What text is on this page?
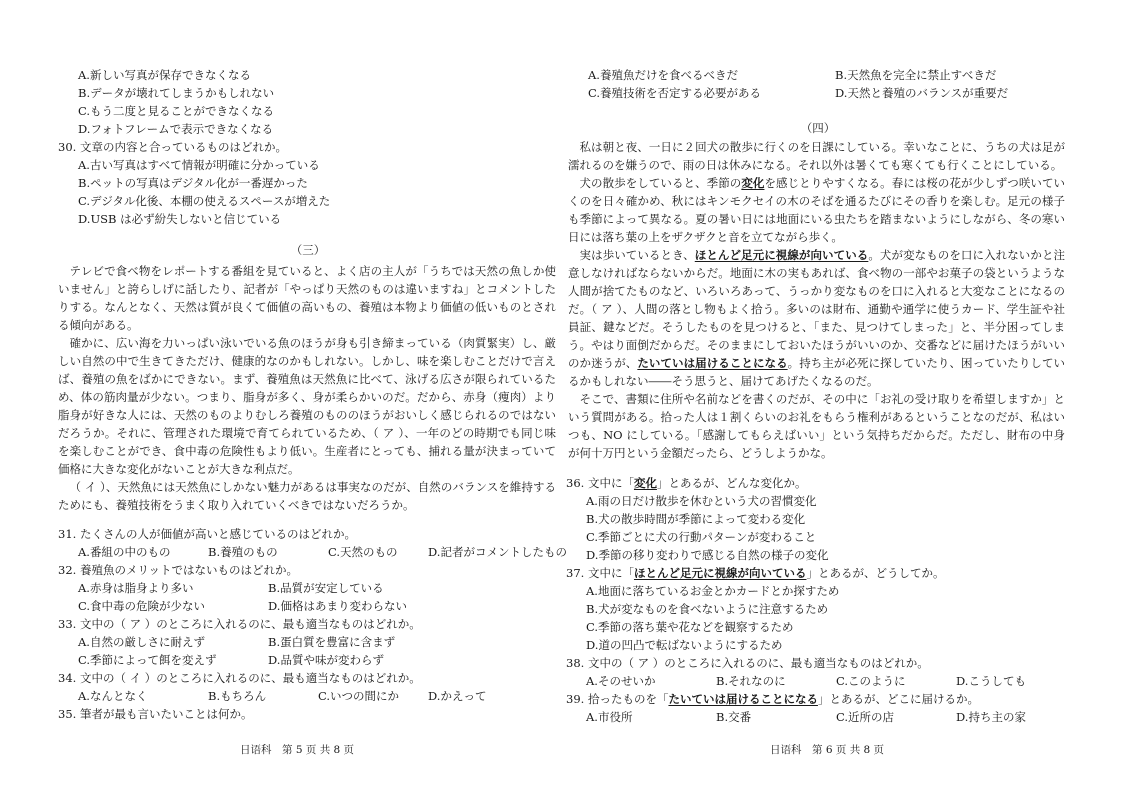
A.新しい写真が保存できなくなる
B.データが壊れてしまうかもしれない
C.もう二度と見ることができなくなる
D.フォトフレームで表示できなくなる
30. 文章の内容と合っているものはどれか。
A.古い写真はすべて情報が明確に分かっている
B.ペットの写真はデジタル化が一番遅かった
C.デジタル化後、本棚の使えるスペースが増えた
D.USB は必ず紛失しないと信じている
（三）
テレビで食べ物をレポートする番組を見ていると、よく店の主人が「うちでは天然の魚しか使いません」と誇らしげに話したり、記者が「やっぱり天然のものは違いますね」とコメントしたりする。なんとなく、天然は質が良くて価値の高いもの、養殖は本物より価値の低いものとされる傾向がある。
確かに、広い海を力いっぱい泳いでいる魚のほうが身も引き締まっている（肉質緊実）し、厳しい自然の中で生きてきただけ、健康的なのかもしれない。しかし、味を楽しむことだけで言えば、養殖の魚をばかにできない。まず、養殖魚は天然魚に比べて、泳げる広さが限られているため、体の筋肉量が少ない。つまり、脂身が多く、身が柔らかいのだ。だから、赤身（痩肉）より脂身が好きな人には、天然のものよりむしろ養殖のもののほうがおいしく感じられるのではないだろうか。それに、管理された環境で育てられているため、（ ア ）、一年のどの時期でも同じ味を楽しむことができ、食中毒の危険性もより低い。生産者にとっても、捕れる量が決まっていて価格に大きな変化がないことが大きな利点だ。
（ イ ）、天然魚には天然魚にしかない魅力があるは事実なのだが、自然のバランスを維持するためにも、養殖技術をうまく取り入れていくべきではないだろうか。
31. たくさんの人が価値が高いと感じているのはどれか。
A.番組の中のもの	B.養殖のもの	C.天然のもの	D.記者がコメントしたもの
32. 養殖魚のメリットではないものはどれか。
A.赤身は脂身より多い	B.品質が安定している
C.食中毒の危険が少ない	D.価格はあまり変わらない
33. 文中の（ ア ）のところに入れるのに、最も適当なものはどれか。
A.自然の厳しさに耐えず	B.蛋白質を豊富に含まず
C.季節によって餌を変えず	D.品質や味が変わらず
34. 文中の（ イ ）のところに入れるのに、最も適当なものはどれか。
A.なんとなく	B.もちろん	C.いつの間にか	D.かえって
35. 筆者が最も言いたいことは何か。
日语科　第 5 页 共 8 页
A.養殖魚だけを食べるべきだ	B.天然魚を完全に禁止すべきだ
C.養殖技術を否定する必要がある	D.天然と養殖のバランスが重要だ
（四）
私は朝と夜、一日に２回犬の散歩に行くのを日課にしている。幸いなことに、うちの犬は足が濡れるのを嫌うので、雨の日は休みになる。それ以外は暑くても寒くても行くことにしている。
犬の散歩をしていると、季節の変化を感じとりやすくなる。春には桜の花が少しずつ咲いていくのを日々確かめ、秋にはキンモクセイの木のそばを通るたびにその香りを楽しむ。足元の様子も季節によって異なる。夏の暑い日には地面にいる虫たちを踏まないようにしながら、冬の寒い日には落ち葉の上をザクザクと音を立てながら歩く。
実は歩いているとき、ほとんど足元に視線が向いている。犬が変なものを口に入れないかと注意しなければならないからだ。地面に木の実もあれば、食べ物の一部やお菓子の袋というような人間が捨てたものなど、いろいろあって、うっかり変なものを口に入れると大変なことになるのだ。（ ア ）、人間の落とし物もよく拾う。多いのは財布、通勤や通学に使うカード、学生証や社員証、鍵などだ。そうしたものを見つけると、「また、見つけてしまった」と、半分困ってしまう。やはり面倒だからだ。そのままにしておいたほうがいいのか、交番などに届けたほうがいいのか迷うが、たいていは届けることになる。持ち主が必死に探していたり、困っていたりしているかもしれない――そう思うと、届けてあげたくなるのだ。
そこで、書類に住所や名前などを書くのだが、その中に「お礼の受け取りを希望しますか」という質問がある。拾った人は１割くらいのお礼をもらう権利があるということなのだが、私はいつも、NO にしている。「感謝してもらえばいい」という気持ちだからだ。ただし、財布の中身が何十万円という金額だったら、どうしようかな。
36. 文中に「変化」とあるが、どんな変化か。
A.雨の日だけ散歩を休むという犬の習慣変化
B.犬の散歩時間が季節によって変わる変化
C.季節ごとに犬の行動パターンが変わること
D.季節の移り変わりで感じる自然の様子の変化
37. 文中に「ほとんど足元に視線が向いている」とあるが、どうしてか。
A.地面に落ちているお金とかカードとか探すため
B.犬が変なものを食べないように注意するため
C.季節の落ち葉や花などを観察するため
D.道の凹凸で転ばないようにするため
38. 文中の（ ア ）のところに入れるのに、最も適当なものはどれか。
A.そのせいか	B.それなのに	C.このように	D.こうしても
39. 拾ったものを「たいていは届けることになる」とあるが、どこに届けるか。
A.市役所	B.交番	C.近所の店	D.持ち主の家
日语科　第 6 页 共 8 页
